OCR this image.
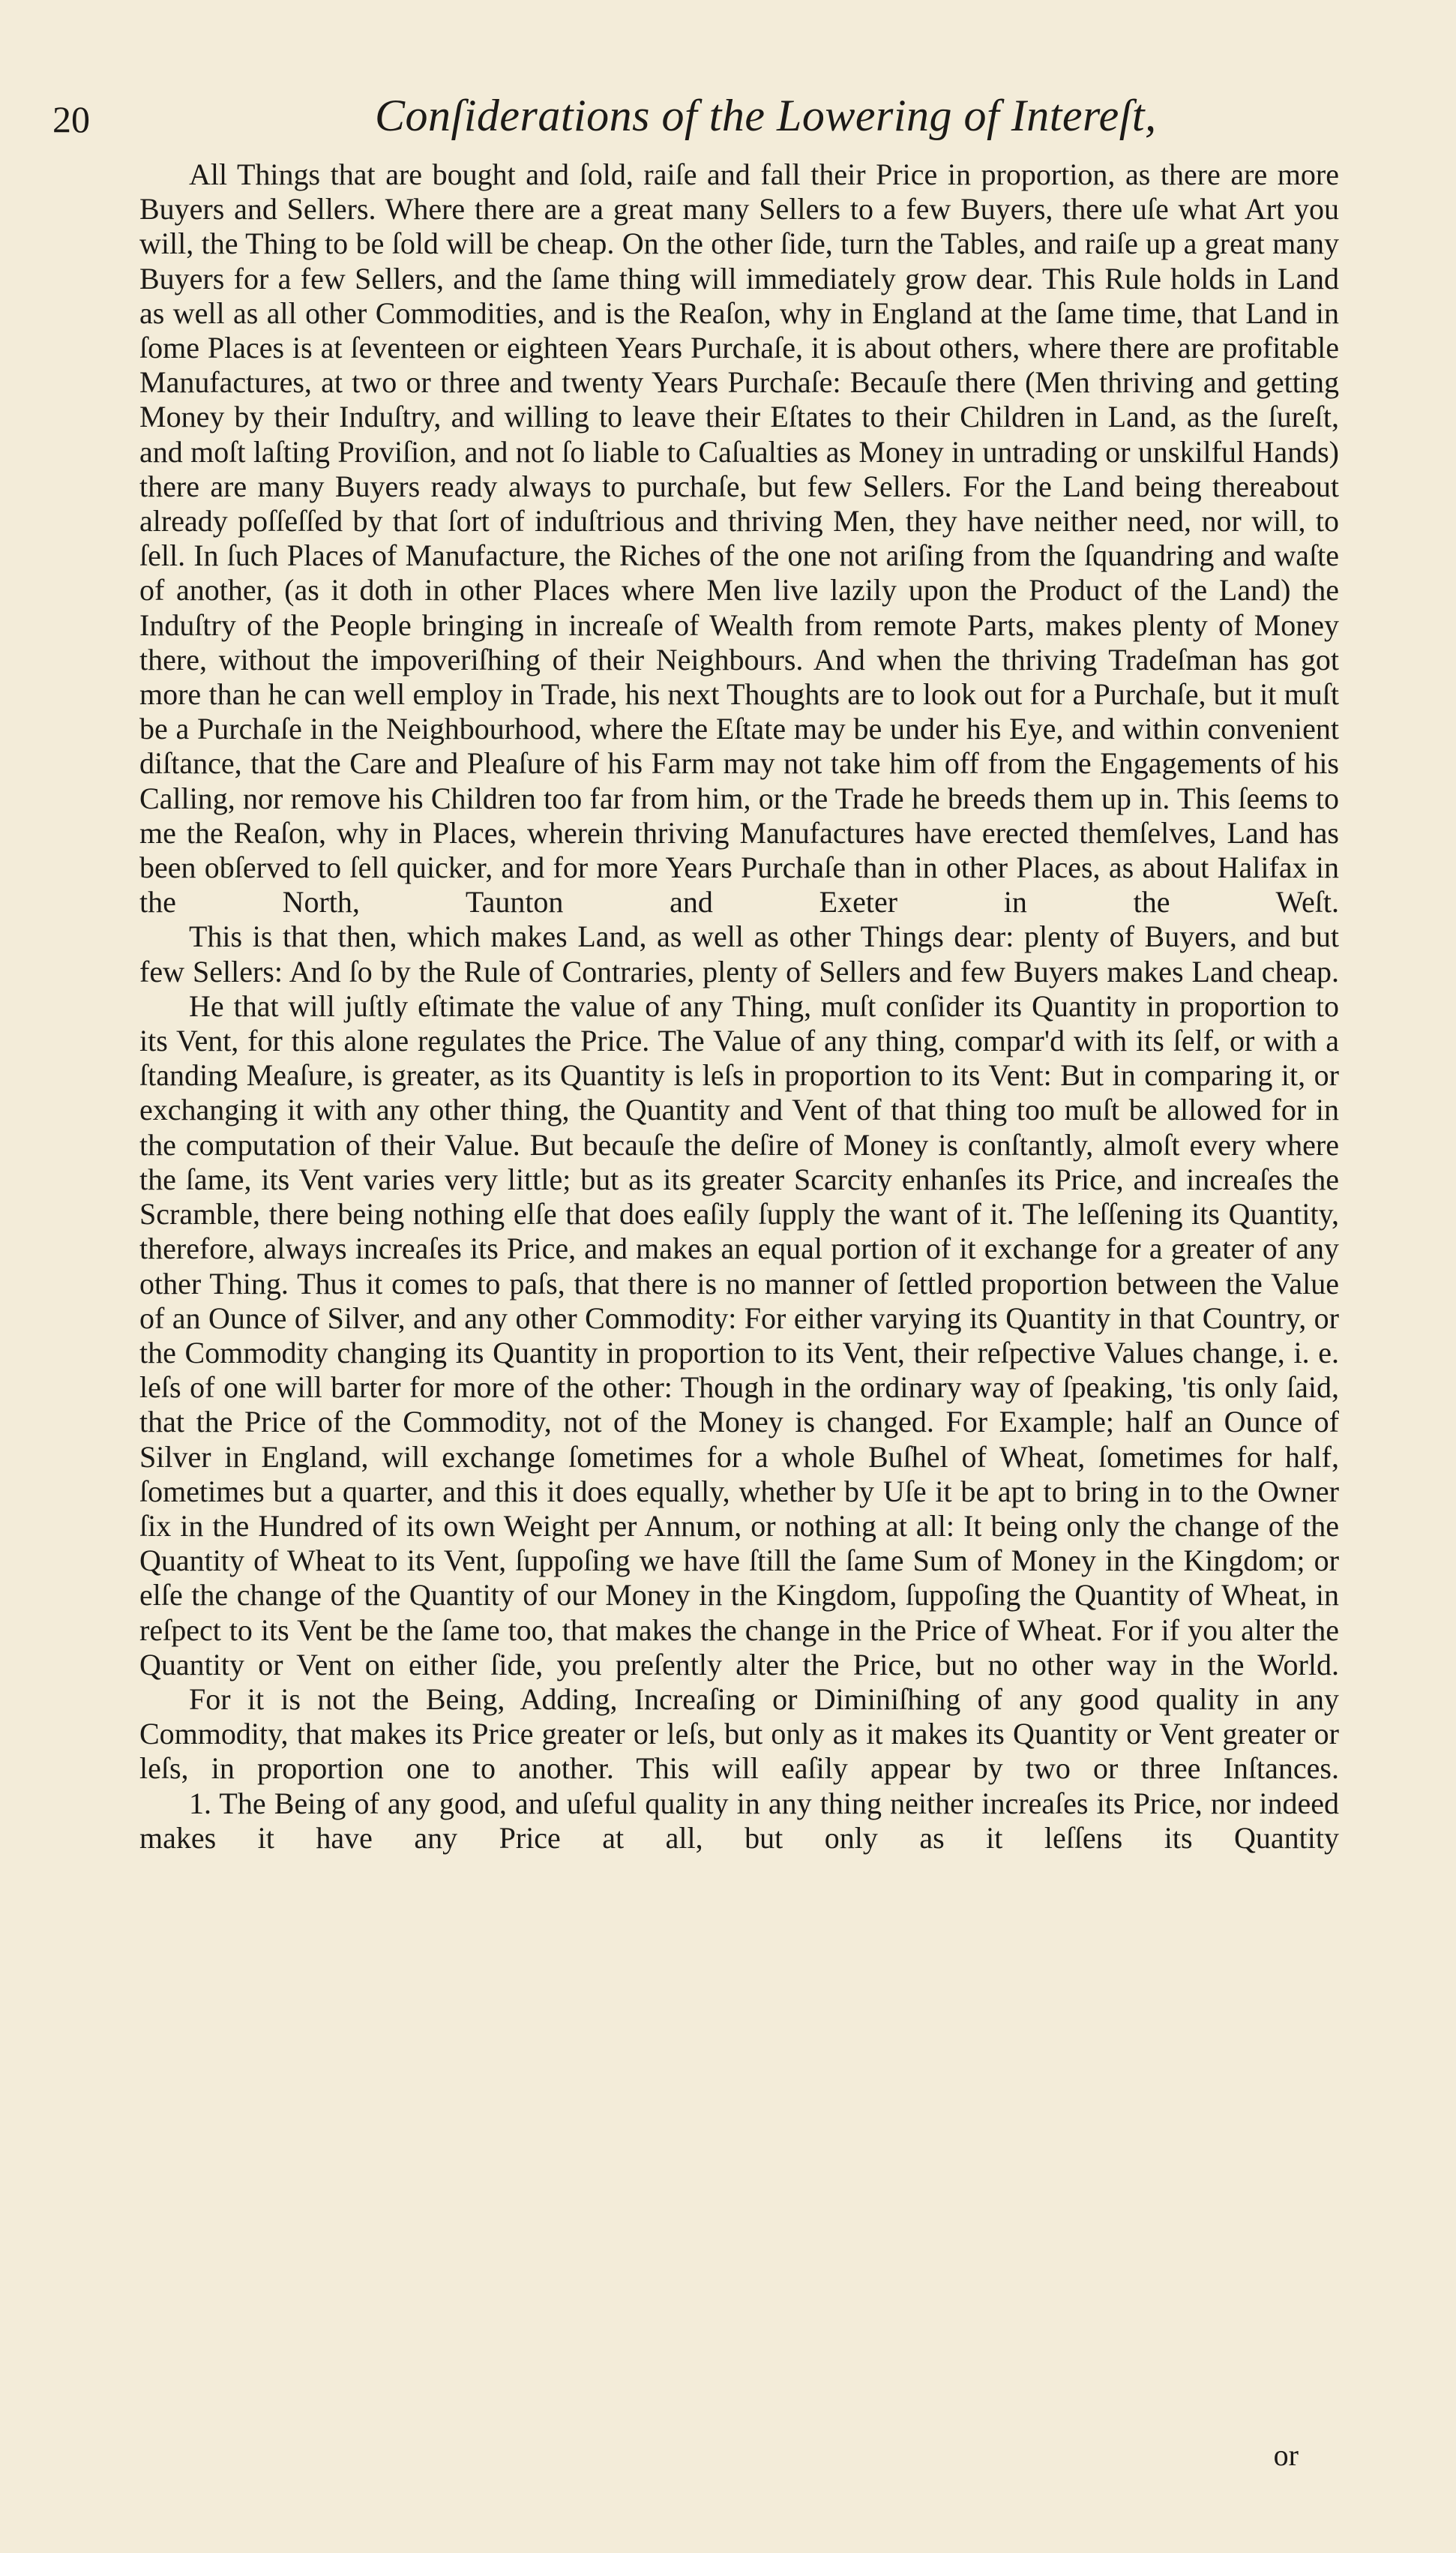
20	Conſiderations of the Lowering of Intereſt,

All Things that are bought and ſold, raiſe and fall their Price in proportion, as there are more Buyers and Sellers. Where there are a great many Sellers to a few Buyers, there uſe what Art you will, the Thing to be ſold will be cheap. On the other ſide, turn the Tables, and raiſe up a great many Buyers for a few Sellers, and the ſame thing will immediately grow dear. This Rule holds in Land as well as all other Commodities, and is the Reaſon, why in England at the ſame time, that Land in ſome Places is at ſeventeen or eighteen Years Purchaſe, it is about others, where there are profitable Manufactures, at two or three and twenty Years Purchaſe: Becauſe there (Men thriving and getting Money by their Induſtry, and willing to leave their Eſtates to their Children in Land, as the ſureſt, and moſt laſting Proviſion, and not ſo liable to Caſualties as Money in untrading or unskilful Hands) there are many Buyers ready always to purchaſe, but few Sellers. For the Land being thereabout already poſſeſſed by that ſort of induſtrious and thriving Men, they have neither need, nor will, to ſell. In ſuch Places of Manufacture, the Riches of the one not ariſing from the ſquandring and waſte of another, (as it doth in other Places where Men live lazily upon the Product of the Land) the Induſtry of the People bringing in increaſe of Wealth from remote Parts, makes plenty of Money there, without the impoveriſhing of their Neighbours. And when the thriving Tradeſman has got more than he can well employ in Trade, his next Thoughts are to look out for a Purchaſe, but it muſt be a Purchaſe in the Neighbourhood, where the Eſtate may be under his Eye, and within convenient diſtance, that the Care and Pleaſure of his Farm may not take him off from the Engagements of his Calling, nor remove his Children too far from him, or the Trade he breeds them up in. This ſeems to me the Reaſon, why in Places, wherein thriving Manufactures have erected themſelves, Land has been obſerved to ſell quicker, and for more Years Purchaſe than in other Places, as about Halifax in the North, Taunton and Exeter in the Weſt.

This is that then, which makes Land, as well as other Things dear: plenty of Buyers, and but few Sellers: And ſo by the Rule of Contraries, plenty of Sellers and few Buyers makes Land cheap.

He that will juſtly eſtimate the value of any Thing, muſt conſider its Quantity in proportion to its Vent, for this alone regulates the Price. The Value of any thing, compar'd with its ſelf, or with a ſtanding Meaſure, is greater, as its Quantity is leſs in proportion to its Vent: But in comparing it, or exchanging it with any other thing, the Quantity and Vent of that thing too muſt be allowed for in the computation of their Value. But becauſe the deſire of Money is conſtantly, almoſt every where the ſame, its Vent varies very little; but as its greater Scarcity enhanſes its Price, and increaſes the Scramble, there being nothing elſe that does eaſily ſupply the want of it. The leſſening its Quantity, therefore, always increaſes its Price, and makes an equal portion of it exchange for a greater of any other Thing. Thus it comes to paſs, that there is no manner of ſettled proportion between the Value of an Ounce of Silver, and any other Commodity: For either varying its Quantity in that Country, or the Commodity changing its Quantity in proportion to its Vent, their reſpective Values change, i. e. leſs of one will barter for more of the other: Though in the ordinary way of ſpeaking, 'tis only ſaid, that the Price of the Commodity, not of the Money is changed. For Example; half an Ounce of Silver in England, will exchange ſometimes for a whole Buſhel of Wheat, ſometimes for half, ſometimes but a quarter, and this it does equally, whether by Uſe it be apt to bring in to the Owner ſix in the Hundred of its own Weight per Annum, or nothing at all: It being only the change of the Quantity of Wheat to its Vent, ſuppoſing we have ſtill the ſame Sum of Money in the Kingdom; or elſe the change of the Quantity of our Money in the Kingdom, ſuppoſing the Quantity of Wheat, in reſpect to its Vent be the ſame too, that makes the change in the Price of Wheat. For if you alter the Quantity or Vent on either ſide, you preſently alter the Price, but no other way in the World.

For it is not the Being, Adding, Increaſing or Diminiſhing of any good quality in any Commodity, that makes its Price greater or leſs, but only as it makes its Quantity or Vent greater or leſs, in proportion one to another. This will eaſily appear by two or three Inſtances.

1. The Being of any good, and uſeful quality in any thing neither increaſes its Price, nor indeed makes it have any Price at all, but only as it leſſens its Quantity

or
